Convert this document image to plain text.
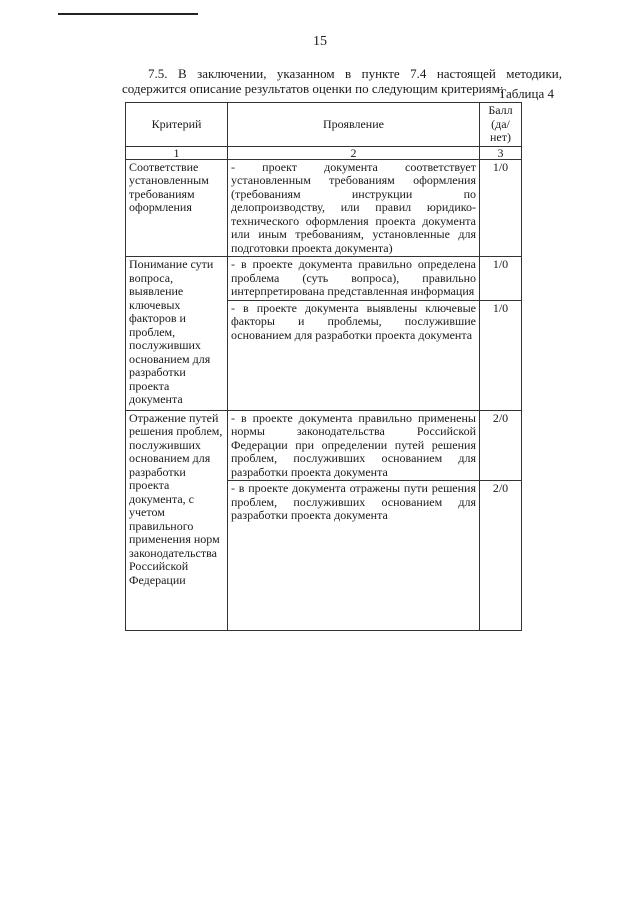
15
7.5. В заключении, указанном в пункте 7.4 настоящей методики, содержится описание результатов оценки по следующим критериям:
Таблица 4
Критерий	Проявление	Балл (да/нет)
1	2	3
Соответствие установленным требованиям оформления	- проект документа соответствует установленным требованиям оформления (требованиям инструкции по делопроизводству, или правил юридико-технического оформления проекта документа или иным требованиям, установленные для подготовки проекта документа)	1/0
Понимание сути вопроса, выявление ключевых факторов и проблем, послуживших основанием для разработки проекта документа	- в проекте документа правильно определена проблема (суть вопроса), правильно интерпретирована представленная информация	1/0
	- в проекте документа выявлены ключевые факторы и проблемы, послужившие основанием для разработки проекта документа	1/0
Отражение путей решения проблем, послуживших основанием для разработки проекта документа, с учетом правильного применения норм законодательства Российской Федерации	- в проекте документа правильно применены нормы законодательства Российской Федерации при определении путей решения проблем, послуживших основанием для разработки проекта документа	2/0
	- в проекте документа отражены пути решения проблем, послуживших основанием для разработки проекта документа	2/0
